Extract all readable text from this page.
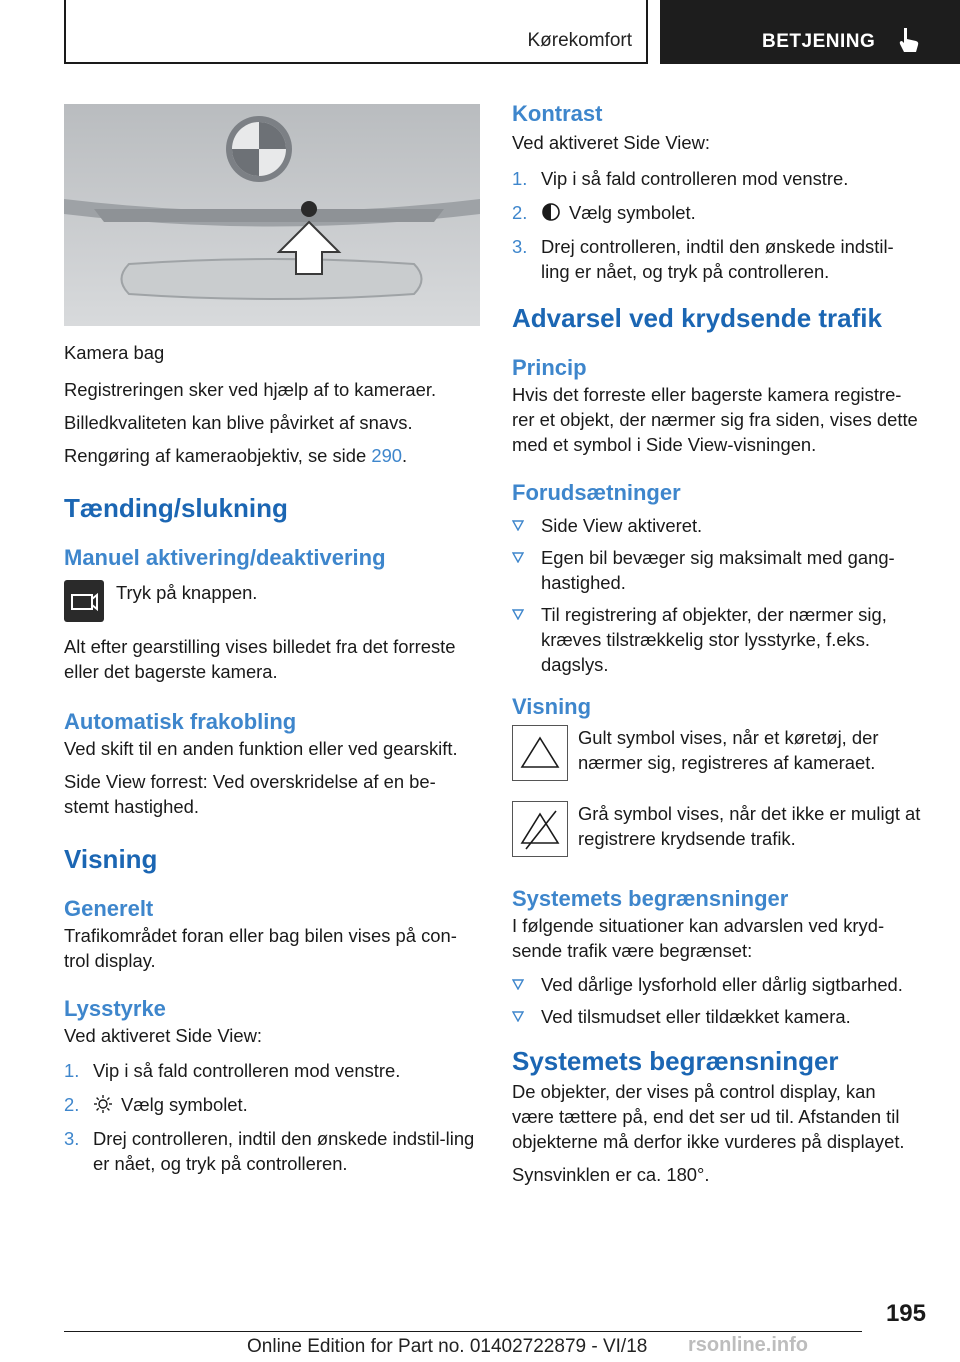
Kørekomfort	BETJENING

Kamera bag

Registreringen sker ved hjælp af to kameraer.

Billedkvaliteten kan blive påvirket af snavs.

Rengøring af kameraobjektiv, se side 290.

Tænding/slukning
Manuel aktivering/deaktivering

Tryk på knappen.

Alt efter gearstilling vises billedet fra det forreste eller det bagerste kamera.

Automatisk frakobling

Ved skift til en anden funktion eller ved gearskift.

Side View forrest: Ved overskridelse af en be-stemt hastighed.

Visning
Generelt

Trafikområdet foran eller bag bilen vises på con-trol display.

Lysstyrke

Ved aktiveret Side View:

1. Vip i så fald controlleren mod venstre.
2. Vælg symbolet.
3. Drej controlleren, indtil den ønskede indstil-ling er nået, og tryk på controlleren.
Kontrast

Ved aktiveret Side View:

1. Vip i så fald controlleren mod venstre.
2. Vælg symbolet.
3. Drej controlleren, indtil den ønskede indstil-ling er nået, og tryk på controlleren.
Advarsel ved krydsende trafik
Princip

Hvis det forreste eller bagerste kamera registre-rer et objekt, der nærmer sig fra siden, vises dette med et symbol i Side View-visningen.

Forudsætninger
Side View aktiveret.
Egen bil bevæger sig maksimalt med gang-hastighed.
Til registrering af objekter, der nærmer sig, kræves tilstrækkelig stor lysstyrke, f.eks. dagslys.
Visning

Gult symbol vises, når et køretøj, der nærmer sig, registreres af kameraet.

Grå symbol vises, når det ikke er muligt at registrere krydsende trafik.

Systemets begrænsninger

I følgende situationer kan advarslen ved kryd-sende trafik være begrænset:

Ved dårlige lysforhold eller dårlig sigtbarhed.
Ved tilsmudset eller tildækket kamera.
Systemets begrænsninger

De objekter, der vises på control display, kan være tættere på, end det ser ud til. Afstanden til objekterne må derfor ikke vurderes på displayet.

Synsvinklen er ca. 180°.

195
Online Edition for Part no. 01402722879 - VI/18 rsonline.info
